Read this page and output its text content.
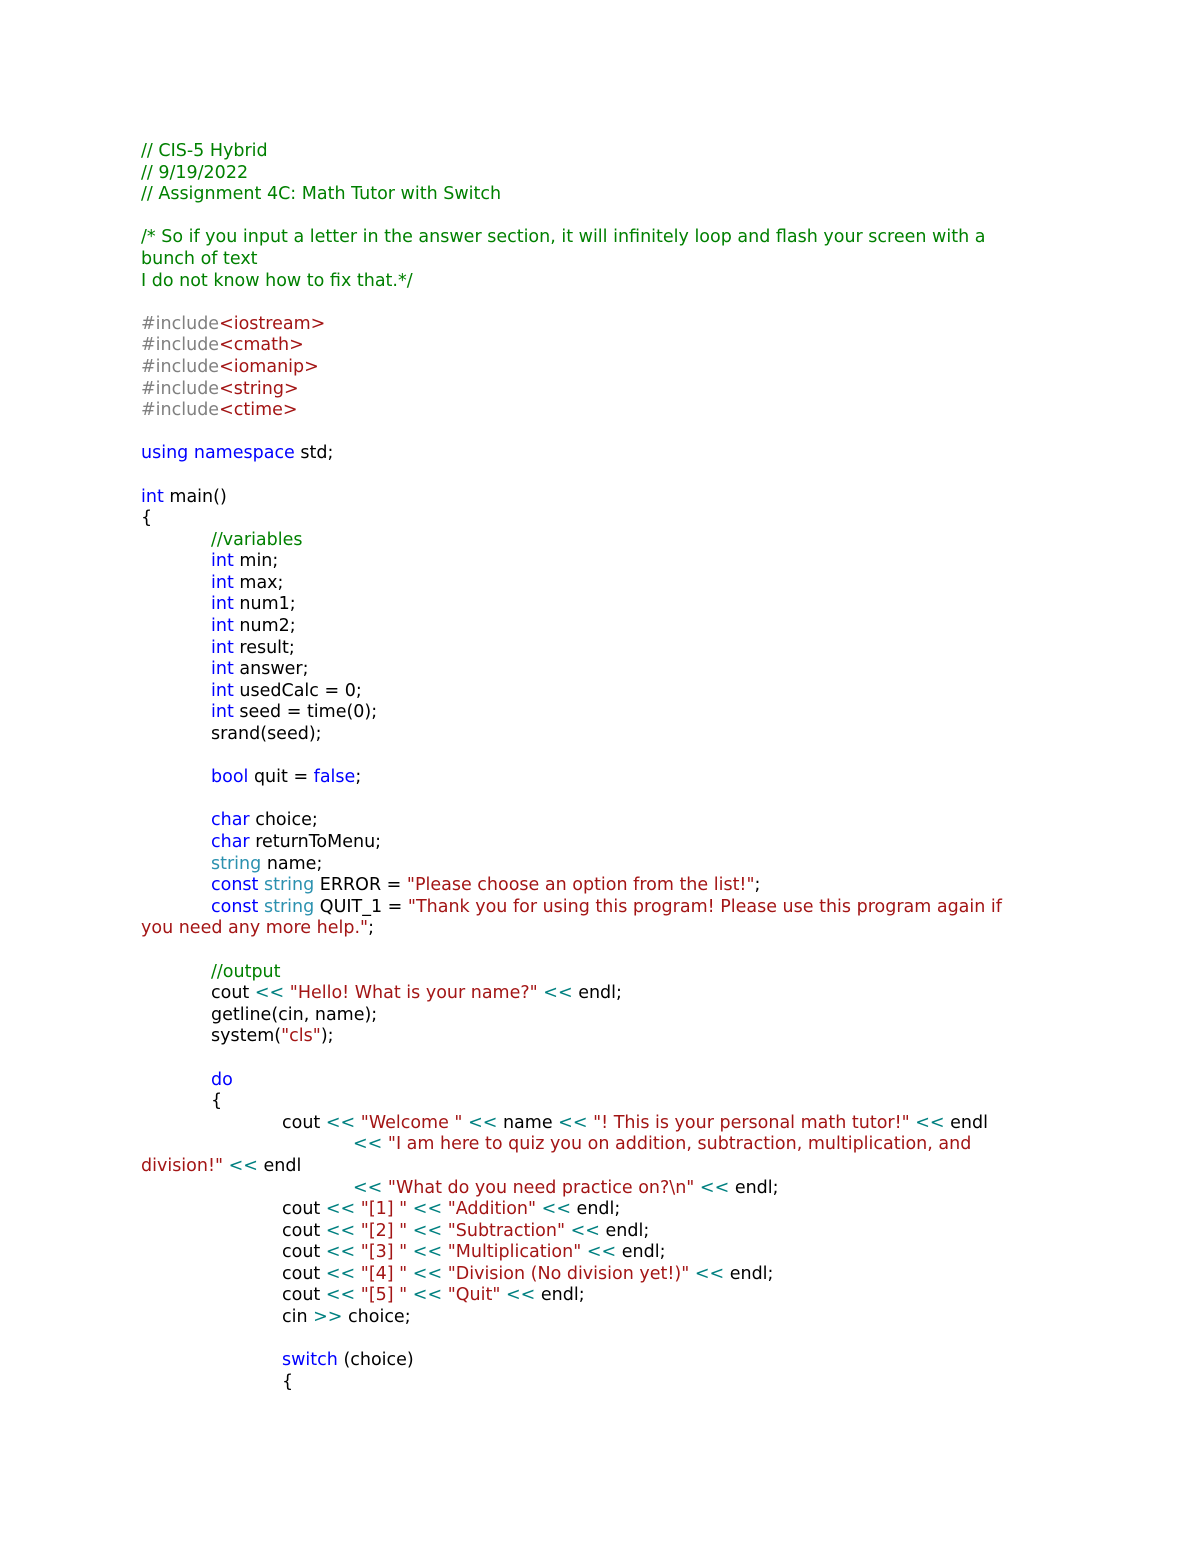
// CIS-5 Hybrid
// 9/19/2022
// Assignment 4C: Math Tutor with Switch
/* So if you input a letter in the answer section, it will infinitely loop and flash your screen with a
bunch of text
I do not know how to fix that.*/
#include<iostream>
#include<cmath>
#include<iomanip>
#include<string>
#include<ctime>
using namespace std;
int main()
{
//variables
int min;
int max;
int num1;
int num2;
int result;
int answer;
int usedCalc = 0;
int seed = time(0);
srand(seed);
bool quit = false;
char choice;
char returnToMenu;
string name;
const string ERROR = "Please choose an option from the list!";
const string QUIT_1 = "Thank you for using this program! Please use this program again if
you need any more help.";
//output
cout << "Hello! What is your name?" << endl;
getline(cin, name);
system("cls");
do
{
cout << "Welcome " << name << "! This is your personal math tutor!" << endl
<< "I am here to quiz you on addition, subtraction, multiplication, and
division!" << endl
<< "What do you need practice on?\n" << endl;
cout << "[1] " << "Addition" << endl;
cout << "[2] " << "Subtraction" << endl;
cout << "[3] " << "Multiplication" << endl;
cout << "[4] " << "Division (No division yet!)" << endl;
cout << "[5] " << "Quit" << endl;
cin >> choice;
switch (choice)
{
